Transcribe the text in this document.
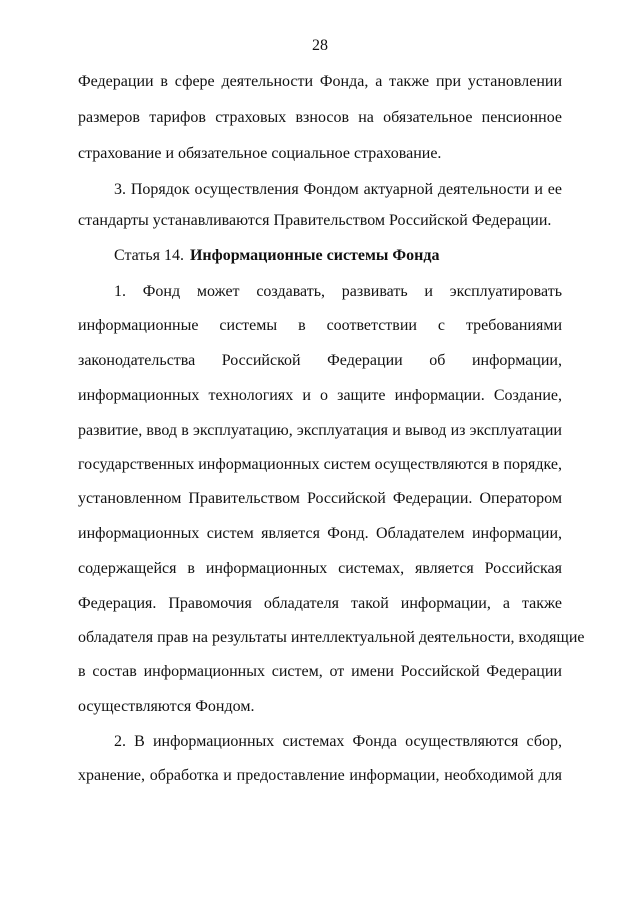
28
Федерации в сфере деятельности Фонда, а также при установлении
размеров тарифов страховых взносов на обязательное пенсионное
страхование и обязательное социальное страхование.
3. Порядок осуществления Фондом актуарной деятельности и ее
стандарты устанавливаются Правительством Российской Федерации.
Статья 14. Информационные системы Фонда
1. Фонд может создавать, развивать и эксплуатировать
информационные системы в соответствии с требованиями
законодательства Российской Федерации об информации,
информационных технологиях и о защите информации. Создание,
развитие, ввод в эксплуатацию, эксплуатация и вывод из эксплуатации
государственных информационных систем осуществляются в порядке,
установленном Правительством Российской Федерации. Оператором
информационных систем является Фонд. Обладателем информации,
содержащейся в информационных системах, является Российская
Федерация. Правомочия обладателя такой информации, а также
обладателя прав на результаты интеллектуальной деятельности, входящие
в состав информационных систем, от имени Российской Федерации
осуществляются Фондом.
2. В информационных системах Фонда осуществляются сбор,
хранение, обработка и предоставление информации, необходимой для
